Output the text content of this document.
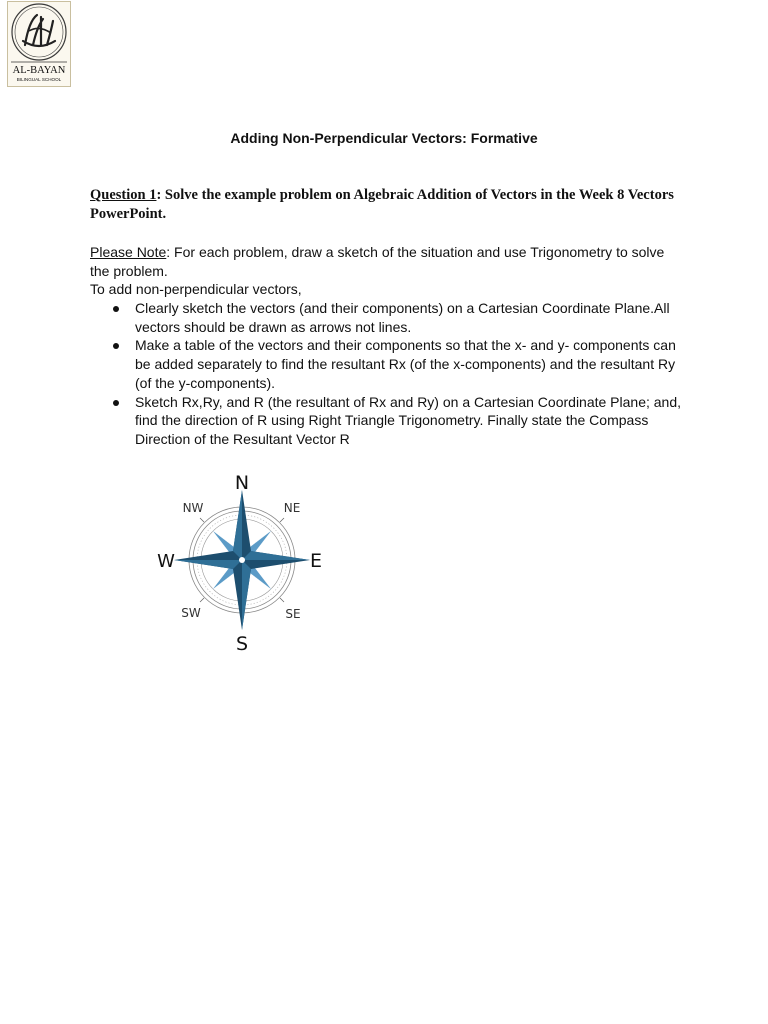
AL-BAYAN
BILINGUAL SCHOOL
Adding Non-Perpendicular Vectors: Formative
Question 1: Solve the example problem on Algebraic Addition of Vectors in the Week 8 Vectors PowerPoint.
Please Note: For each problem, draw a sketch of the situation and use Trigonometry to solve the problem.
To add non-perpendicular vectors,
Clearly sketch the vectors (and their components) on a Cartesian Coordinate Plane.All vectors should be drawn as arrows not lines.
Make a table of the vectors and their components so that the x- and y- components can be added separately to find the resultant Rx (of the x-components) and the resultant Ry (of the y-components).
Sketch Rx,Ry, and R (the resultant of Rx and Ry) on a Cartesian Coordinate Plane; and, find the direction of R using Right Triangle Trigonometry. Finally state the Compass Direction of the Resultant Vector R
N
S
E
W
NW	NE
SW	SE
